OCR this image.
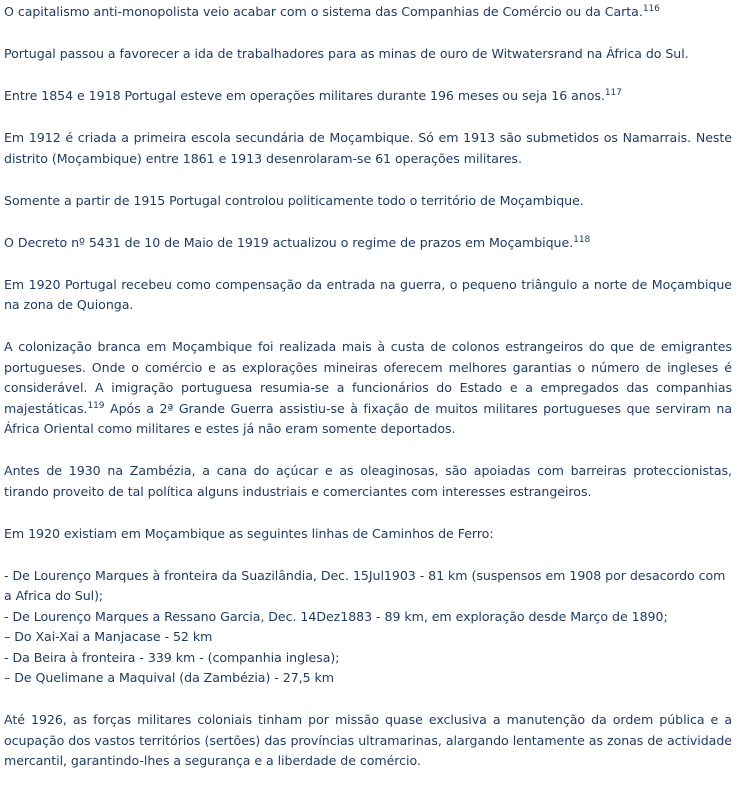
O capitalismo anti-monopolista veio acabar com o sistema das Companhias de Comércio ou da Carta.$^{116}$

Portugal passou a favorecer a ida de trabalhadores para as minas de ouro de Witwatersrand na África do Sul.

Entre 1854 e 1918 Portugal esteve em operações militares durante 196 meses ou seja 16 anos.$^{117}$

Em 1912 é criada a primeira escola secundária de Moçambique. Só em 1913 são submetidos os Namarrais. Neste distrito (Moçambique) entre 1861 e 1913 desenrolaram-se 61 operações militares.

Somente a partir de 1915 Portugal controlou politicamente todo o território de Moçambique.

O Decreto nº 5431 de 10 de Maio de 1919 actualizou o regime de prazos em Moçambique.$^{118}$

Em 1920 Portugal recebeu como compensação da entrada na guerra, o pequeno triângulo a norte de Moçambique na zona de Quionga.

A colonização branca em Moçambique foi realizada mais à custa de colonos estrangeiros do que de emigrantes portugueses. Onde o comércio e as explorações mineiras oferecem melhores garantias o número de ingleses é considerável. A imigração portuguesa resumia-se a funcionários do Estado e a empregados das companhias majestáticas.$^{119}$ Após a 2ª Grande Guerra assistiu-se à fixação de muitos militares portugueses que serviram na África Oriental como militares e estes já não eram somente deportados.

Antes de 1930 na Zambézia, a cana do açúcar e as oleaginosas, são apoiadas com barreiras proteccionistas, tirando proveito de tal política alguns industriais e comerciantes com interesses estrangeiros.

Em 1920 existiam em Moçambique as seguintes linhas de Caminhos de Ferro:

- De Lourenço Marques à fronteira da Suazilândia, Dec. 15Jul1903 - 81 km (suspensos em 1908 por desacordo com a Africa do Sul);
- De Lourenço Marques a Ressano Garcia, Dec. 14Dez1883 - 89 km, em exploração desde Março de 1890;
– Do Xai-Xai a Manjacase - 52 km
- Da Beira à fronteira - 339 km - (companhia inglesa);
– De Quelimane a Maquival (da Zambézia) - 27,5 km

Até 1926, as forças militares coloniais tinham por missão quase exclusiva a manutenção da ordem pública e a ocupação dos vastos territórios (sertões) das províncias ultramarinas, alargando lentamente as zonas de actividade mercantil, garantindo-lhes a segurança e a liberdade de comércio.
